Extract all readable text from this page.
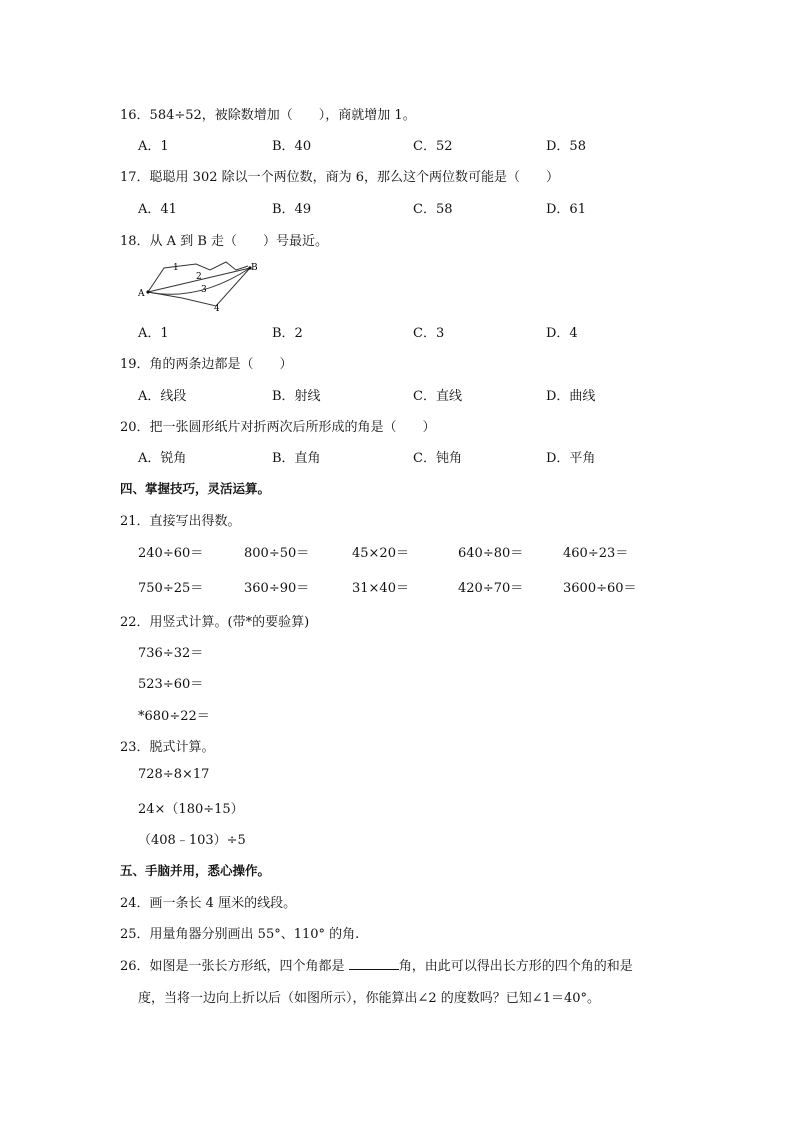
16．584÷52，被除数增加（　　），商就增加 1。
A．1	B．40	C．52	D．58
17．聪聪用 302 除以一个两位数，商为 6，那么这个两位数可能是（　　）
A．41	B．49	C．58	D．61
18．从 A 到 B 走（　　）号最近。
A
B
1
2
3
4
A．1	B．2	C．3	D．4
19．角的两条边都是（　　）
A．线段	B．射线	C．直线	D．曲线
20．把一张圆形纸片对折两次后所形成的角是（　　）
A．锐角	B．直角	C．钝角	D．平角
四、掌握技巧，灵活运算。
21．直接写出得数。
240÷60＝	800÷50＝	45×20＝	640÷80＝	460÷23＝
750÷25＝	360÷90＝	31×40＝	420÷70＝	3600÷60＝
22．用竖式计算。(带*的要验算)
736÷32＝
523÷60＝
*680÷22＝
23．脱式计算。
728÷8×17
24×（180÷15）
（408﹣103）÷5
五、手脑并用，悉心操作。
24．画一条长 4 厘米的线段。
25．用量角器分别画出 55°、110° 的角.
26．如图是一张长方形纸，四个角都是	角，由此可以得出长方形的四个角的和是
度，当将一边向上折以后（如图所示），你能算出∠2 的度数吗？已知∠1＝40°。
